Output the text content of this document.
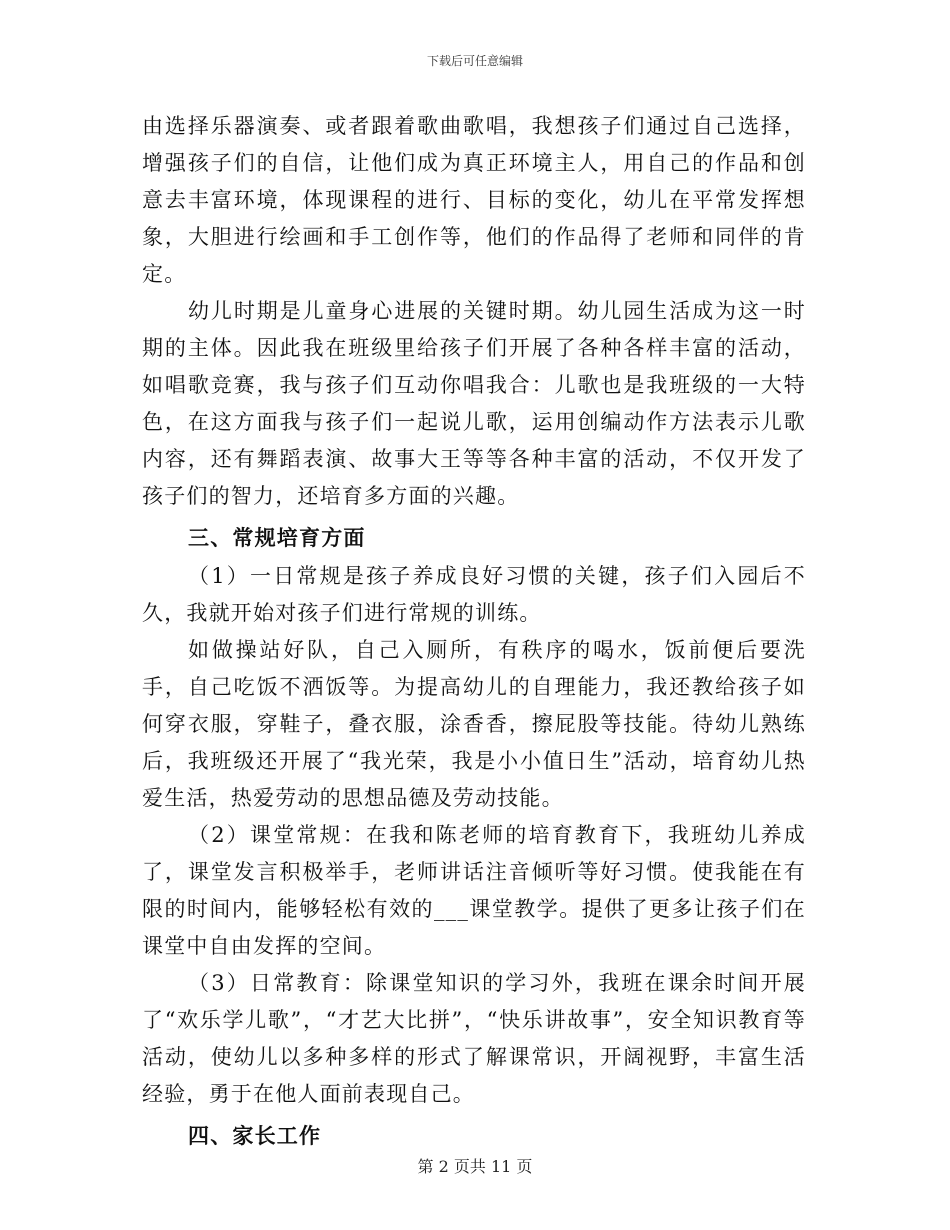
下载后可任意编辑

由选择乐器演奏、或者跟着歌曲歌唱，我想孩子们通过自己选择，增强孩子们的自信，让他们成为真正环境主人，用自己的作品和创意去丰富环境，体现课程的进行、目标的变化，幼儿在平常发挥想象，大胆进行绘画和手工创作等，他们的作品得了老师和同伴的肯定。

幼儿时期是儿童身心进展的关键时期。幼儿园生活成为这一时期的主体。因此我在班级里给孩子们开展了各种各样丰富的活动，如唱歌竞赛，我与孩子们互动你唱我合：儿歌也是我班级的一大特色，在这方面我与孩子们一起说儿歌，运用创编动作方法表示儿歌内容，还有舞蹈表演、故事大王等等各种丰富的活动，不仅开发了孩子们的智力，还培育多方面的兴趣。

三、常规培育方面

（1）一日常规是孩子养成良好习惯的关键，孩子们入园后不久，我就开始对孩子们进行常规的训练。

如做操站好队，自己入厕所，有秩序的喝水，饭前便后要洗手，自己吃饭不洒饭等。为提高幼儿的自理能力，我还教给孩子如何穿衣服，穿鞋子，叠衣服，涂香香，擦屁股等技能。待幼儿熟练后，我班级还开展了“我光荣，我是小小值日生”活动，培育幼儿热爱生活，热爱劳动的思想品德及劳动技能。

（2）课堂常规：在我和陈老师的培育教育下，我班幼儿养成了，课堂发言积极举手，老师讲话注音倾听等好习惯。使我能在有限的时间内，能够轻松有效的___课堂教学。提供了更多让孩子们在课堂中自由发挥的空间。

（3）日常教育：除课堂知识的学习外，我班在课余时间开展了“欢乐学儿歌”，“才艺大比拼”，“快乐讲故事”，安全知识教育等活动，使幼儿以多种多样的形式了解课常识，开阔视野，丰富生活经验，勇于在他人面前表现自己。

四、家长工作

第 2 页共 11 页
